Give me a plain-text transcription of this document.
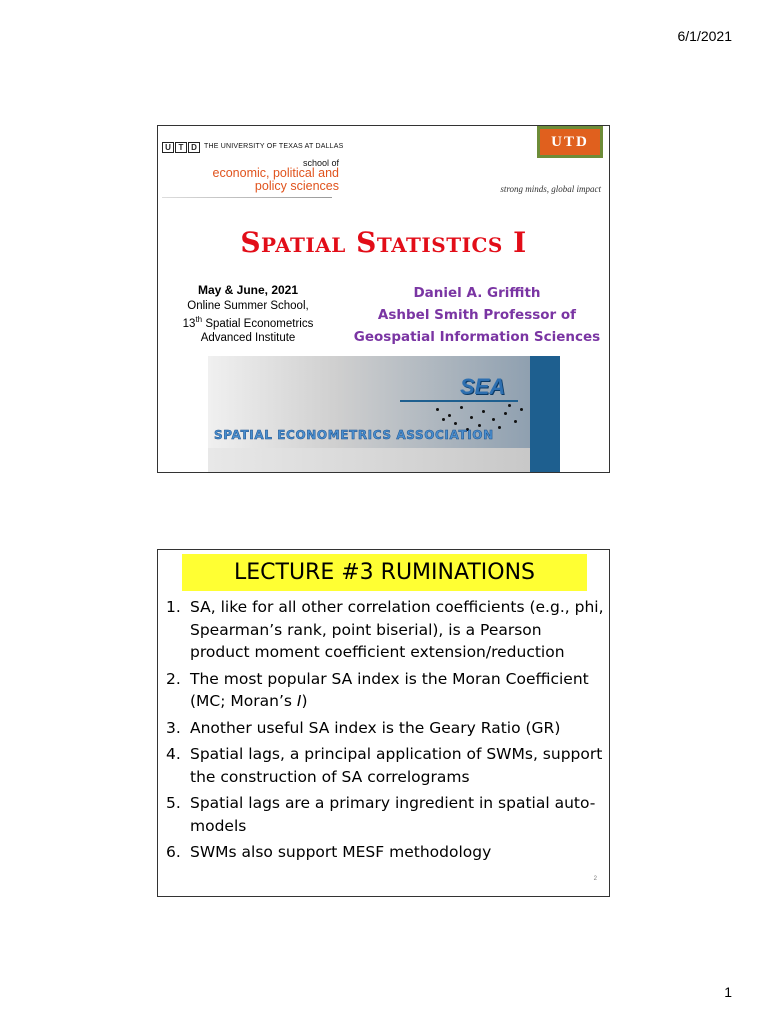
6/1/2021
U T D	THE UNIVERSITY OF TEXAS AT DALLAS
school of
economic, political and
policy sciences
UTD
strong minds, global impact
Spatial Statistics I
May & June, 2021
Online Summer School,
13th Spatial Econometrics
Advanced Institute
Daniel A. Griffith
Ashbel Smith Professor of
Geospatial Information Sciences
SEA
SPATIAL ECONOMETRICS ASSOCIATION
LECTURE #3 RUMINATIONS
1. SA, like for all other correlation coefficients (e.g., phi, Spearman’s rank, point biserial), is a Pearson product moment coefficient extension/reduction
2. The most popular SA index is the Moran Coefficient (MC; Moran’s I)
3. Another useful SA index is the Geary Ratio (GR)
4. Spatial lags, a principal application of SWMs, support the construction of SA correlograms
5. Spatial lags are a primary ingredient in spatial auto-models
6. SWMs also support MESF methodology
2
1
